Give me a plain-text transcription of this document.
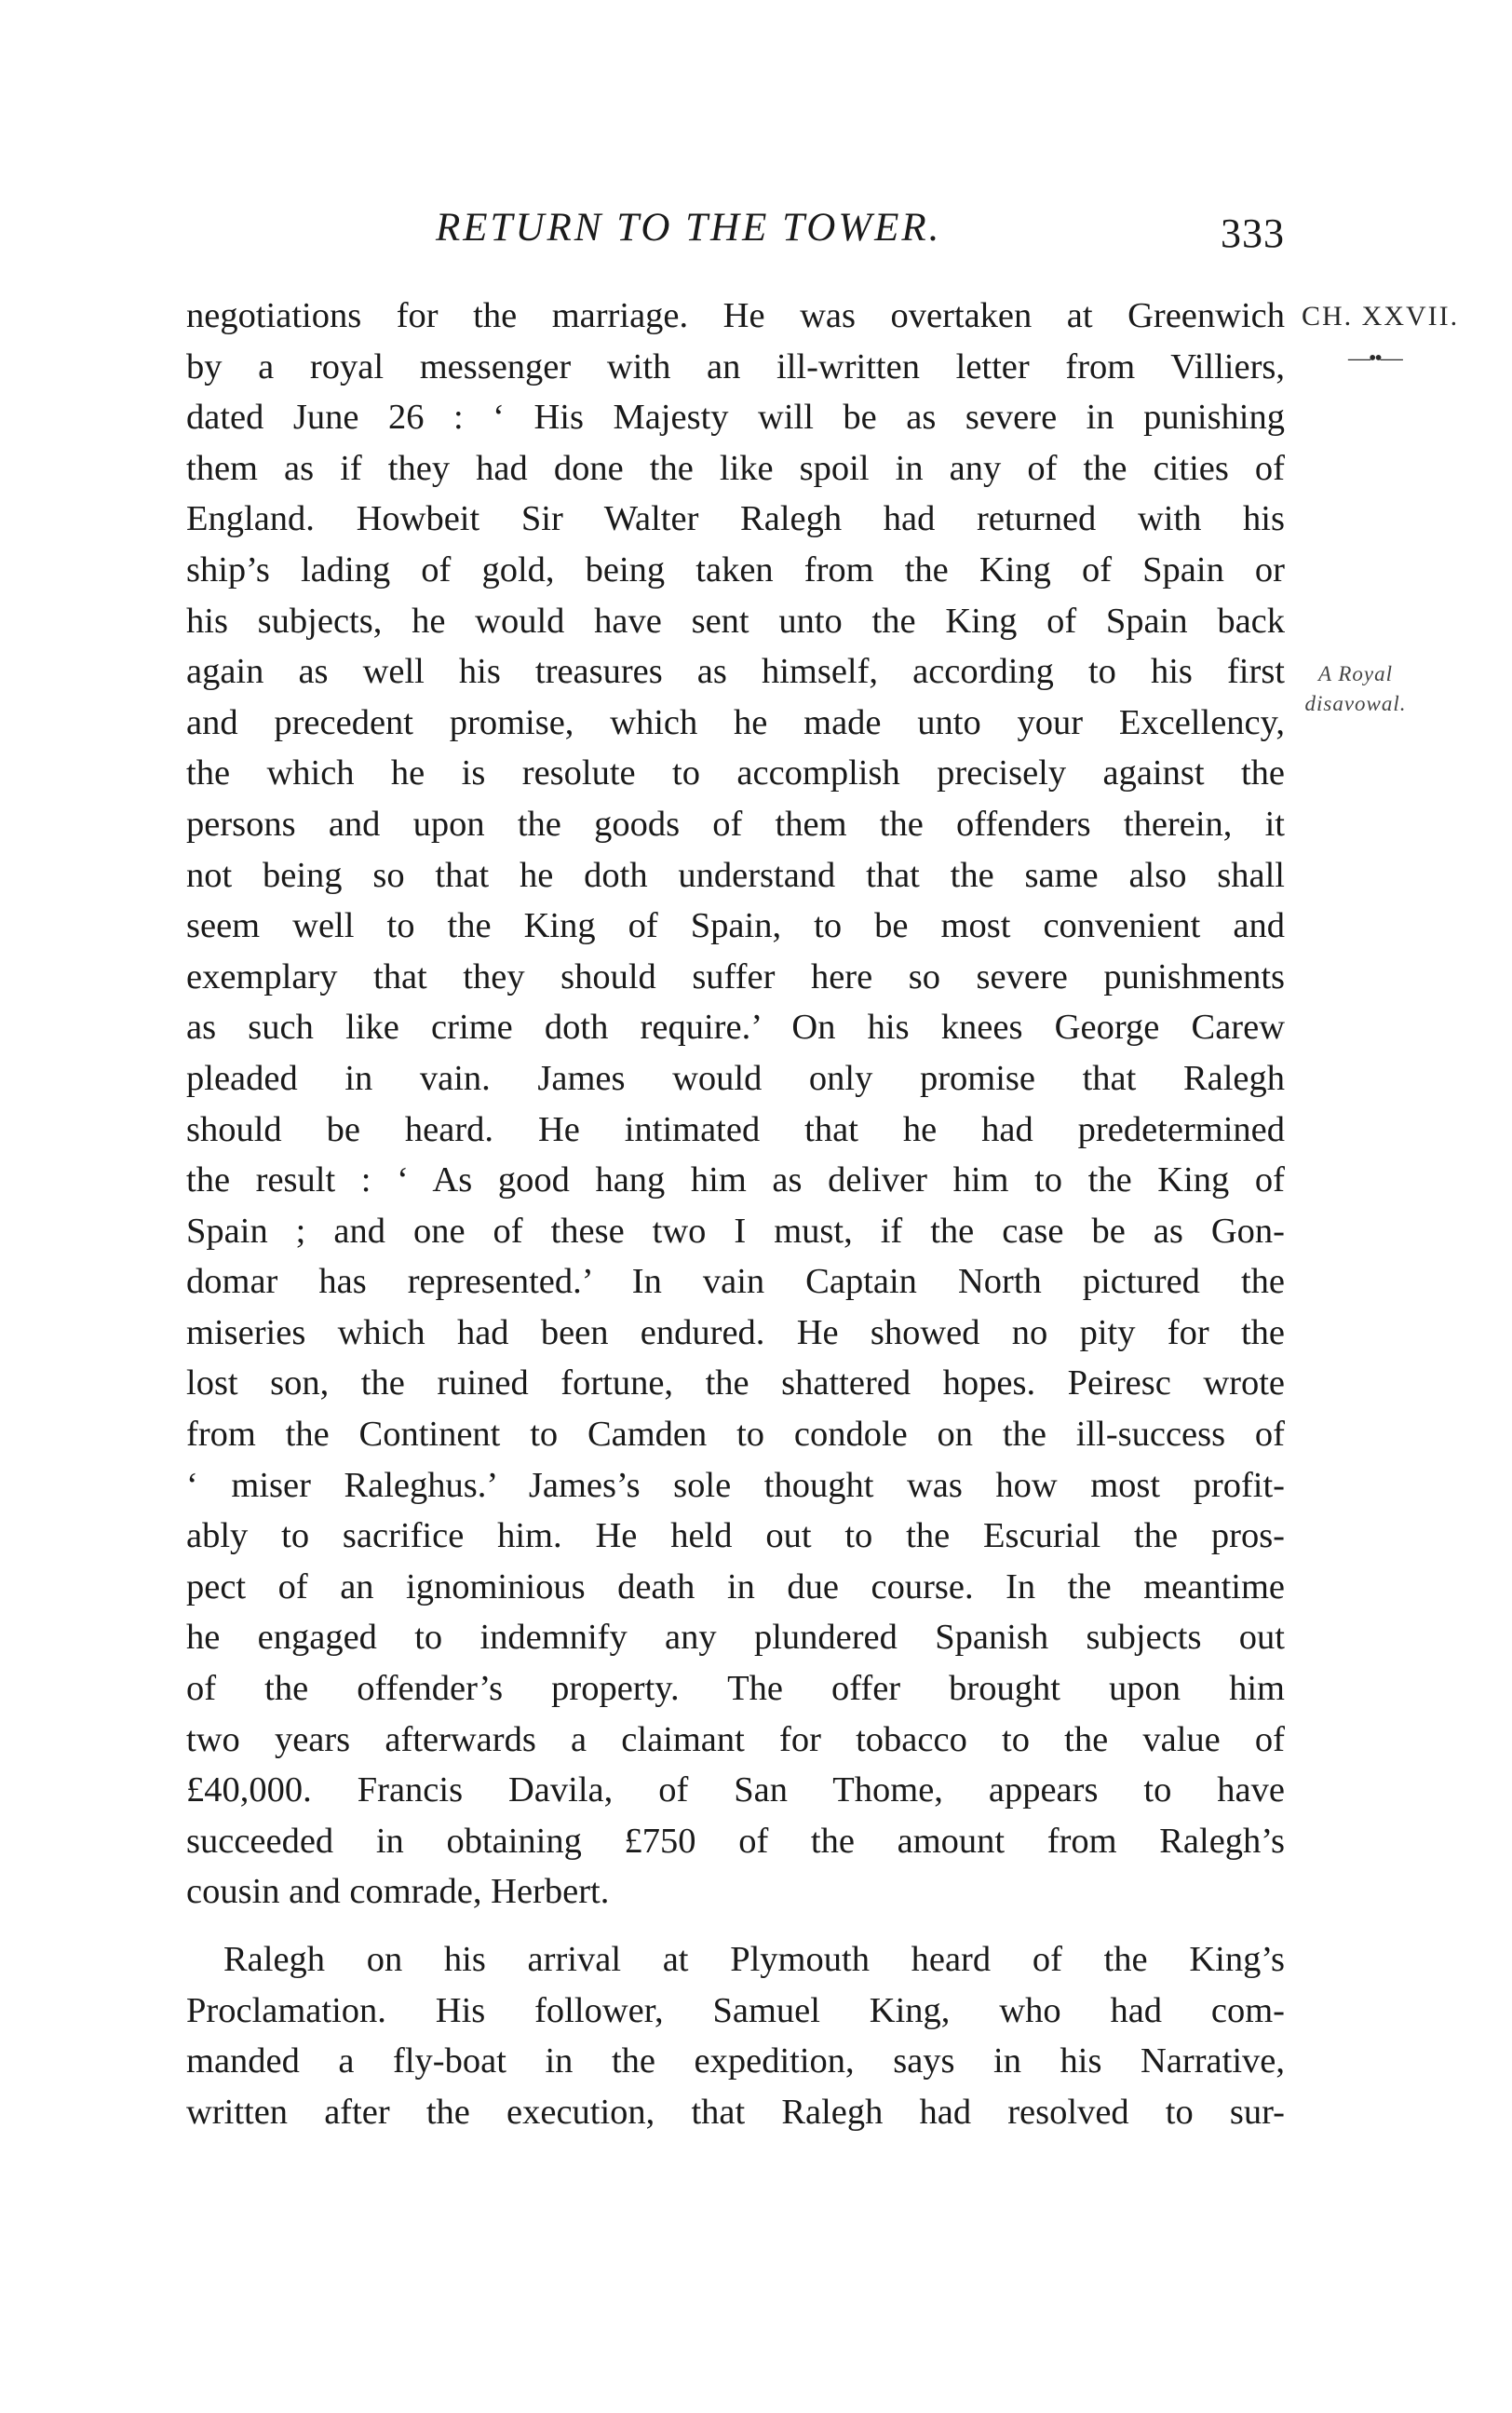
RETURN TO THE TOWER.	333
CH. XXVII.
—••—
A Royal
disavowal.
negotiations for the marriage. He was overtaken at Greenwich
by a royal messenger with an ill-written letter from Villiers,
dated June 26 : ‘ His Majesty will be as severe in punishing
them as if they had done the like spoil in any of the cities of
England. Howbeit Sir Walter Ralegh had returned with his
ship’s lading of gold, being taken from the King of Spain or
his subjects, he would have sent unto the King of Spain back
again as well his treasures as himself, according to his first
and precedent promise, which he made unto your Excellency,
the which he is resolute to accomplish precisely against the
persons and upon the goods of them the offenders therein, it
not being so that he doth understand that the same also shall
seem well to the King of Spain, to be most convenient and
exemplary that they should suffer here so severe punishments
as such like crime doth require.’ On his knees George Carew
pleaded in vain. James would only promise that Ralegh
should be heard. He intimated that he had predetermined
the result : ‘ As good hang him as deliver him to the King of
Spain ; and one of these two I must, if the case be as Gon-
domar has represented.’ In vain Captain North pictured the
miseries which had been endured. He showed no pity for the
lost son, the ruined fortune, the shattered hopes. Peiresc wrote
from the Continent to Camden to condole on the ill-success of
‘ miser Raleghus.’ James’s sole thought was how most profit-
ably to sacrifice him. He held out to the Escurial the pros-
pect of an ignominious death in due course. In the meantime
he engaged to indemnify any plundered Spanish subjects out
of the offender’s property. The offer brought upon him
two years afterwards a claimant for tobacco to the value of
£40,000. Francis Davila, of San Thome, appears to have
succeeded in obtaining £750 of the amount from Ralegh’s
cousin and comrade, Herbert.
Ralegh on his arrival at Plymouth heard of the King’s
Proclamation. His follower, Samuel King, who had com-
manded a fly-boat in the expedition, says in his Narrative,
written after the execution, that Ralegh had resolved to sur-
